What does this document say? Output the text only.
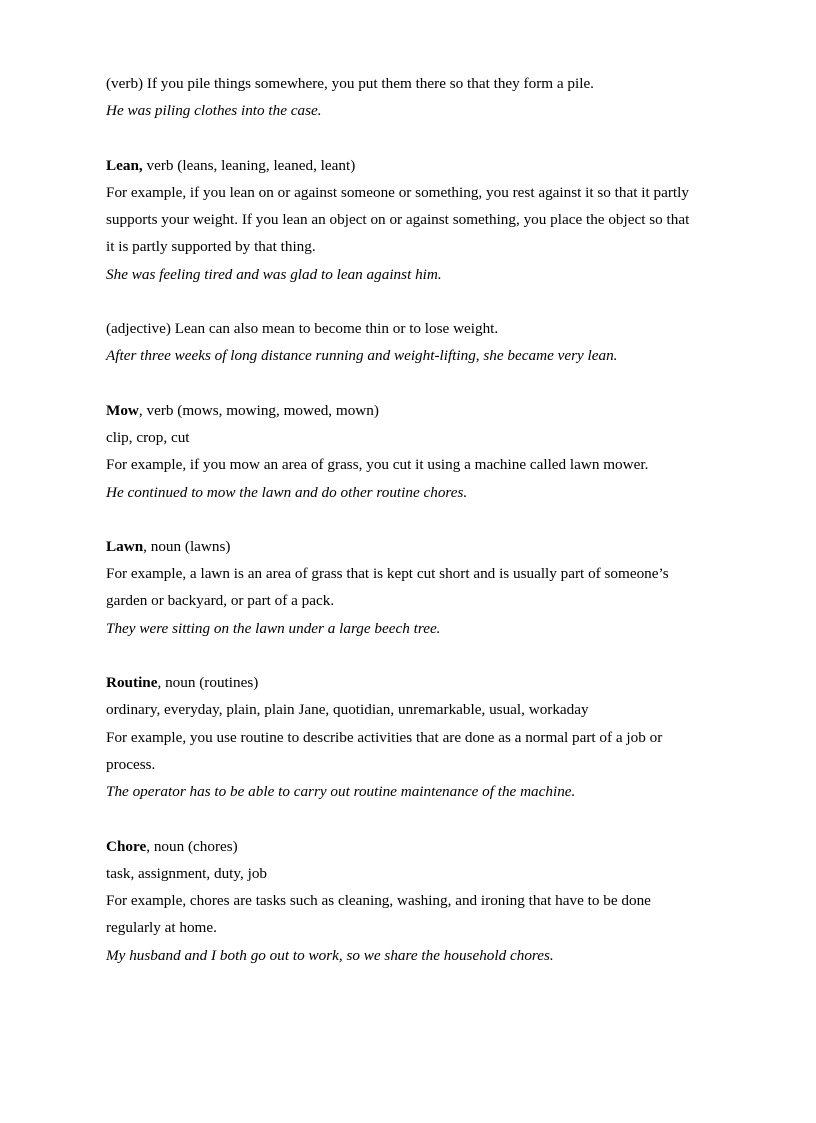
(verb) If you pile things somewhere, you put them there so that they form a pile.

He was piling clothes into the case.

Lean, verb (leans, leaning, leaned, leant)

For example, if you lean on or against someone or something, you rest against it so that it partly supports your weight. If you lean an object on or against something, you place the object so that it is partly supported by that thing.

She was feeling tired and was glad to lean against him.

(adjective) Lean can also mean to become thin or to lose weight.

After three weeks of long distance running and weight-lifting, she became very lean.

Mow, verb (mows, mowing, mowed, mown)

clip, crop, cut

For example, if you mow an area of grass, you cut it using a machine called lawn mower.

He continued to mow the lawn and do other routine chores.

Lawn, noun (lawns)

For example, a lawn is an area of grass that is kept cut short and is usually part of someone’s garden or backyard, or part of a pack.

They were sitting on the lawn under a large beech tree.

Routine, noun (routines)

ordinary, everyday, plain, plain Jane, quotidian, unremarkable, usual, workaday

For example, you use routine to describe activities that are done as a normal part of a job or process.

The operator has to be able to carry out routine maintenance of the machine.

Chore, noun (chores)

task, assignment, duty, job

For example, chores are tasks such as cleaning, washing, and ironing that have to be done regularly at home.

My husband and I both go out to work, so we share the household chores.
